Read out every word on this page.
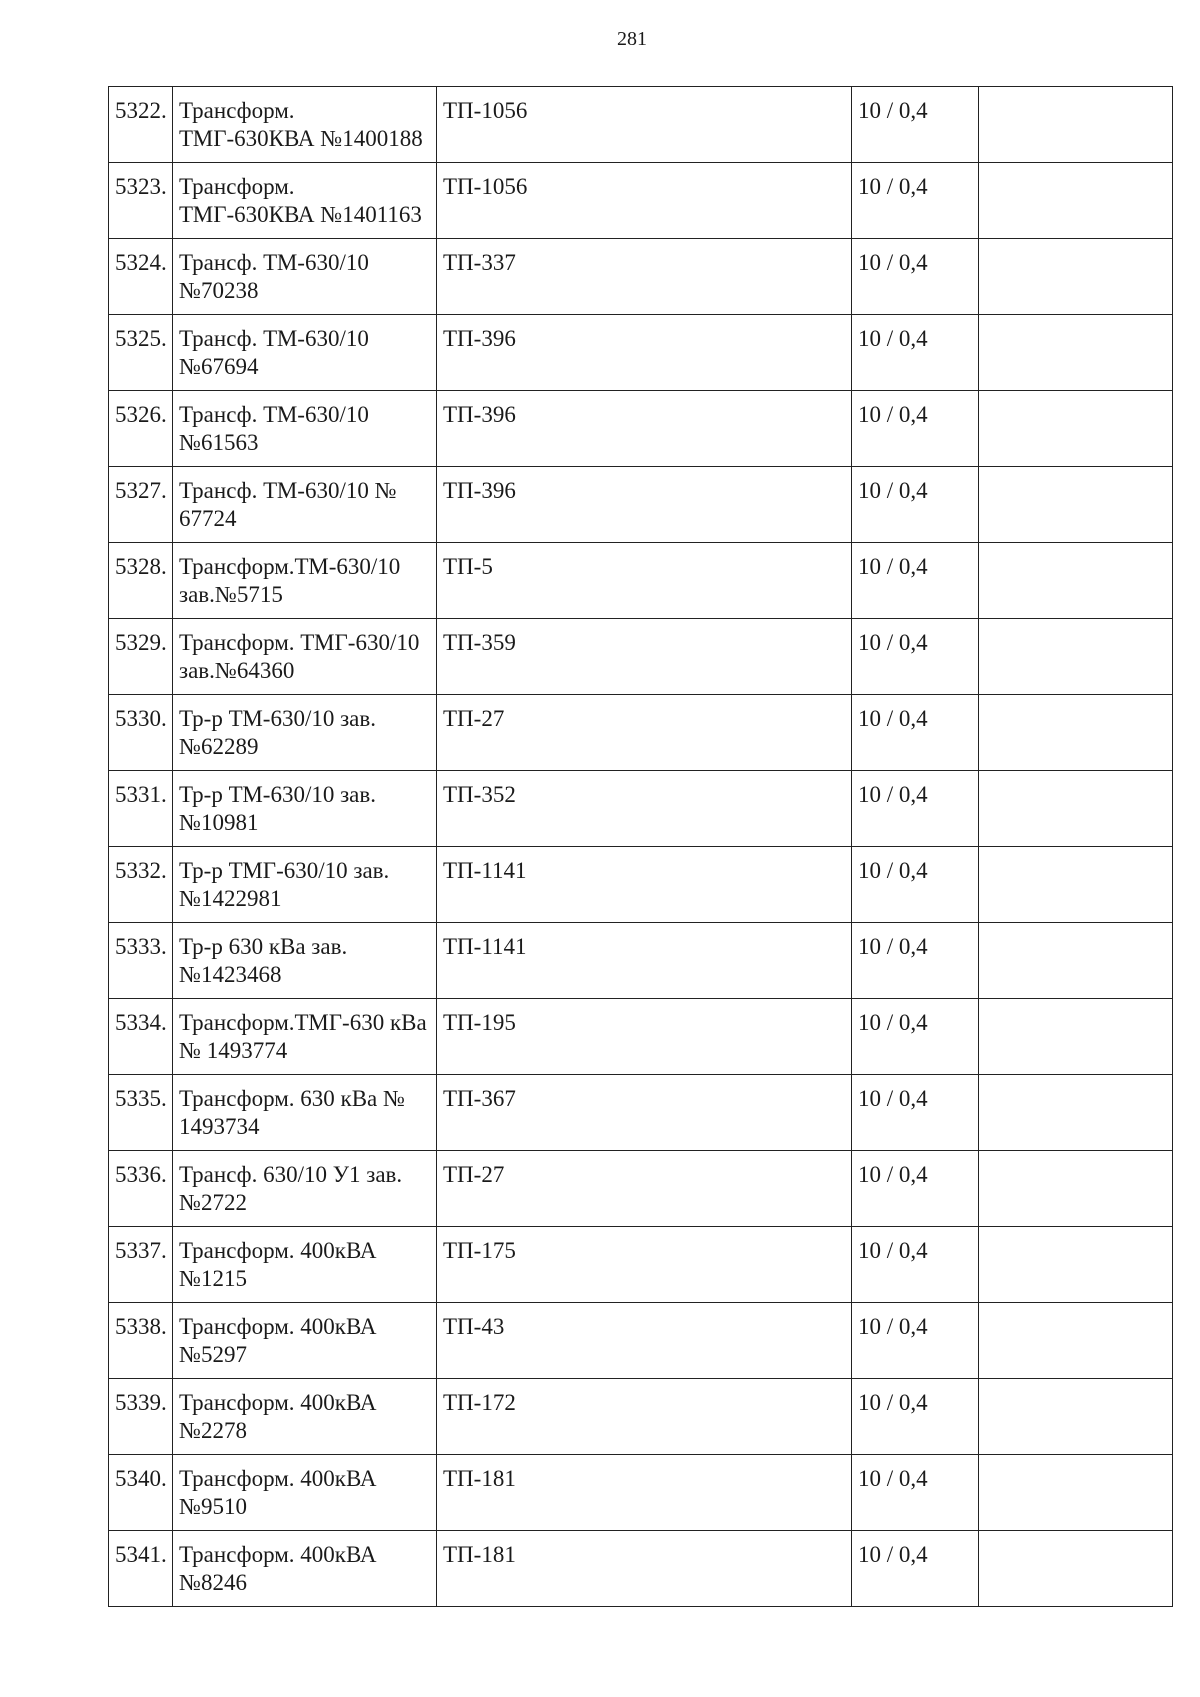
281
5322.	Трансформ. ТМГ-630КВА №1400188	ТП-1056	10 / 0,4	
5323.	Трансформ. ТМГ-630КВА №1401163	ТП-1056	10 / 0,4	
5324.	Трансф. ТМ-630/10 №70238	ТП-337	10 / 0,4	
5325.	Трансф. ТМ-630/10 №67694	ТП-396	10 / 0,4	
5326.	Трансф. ТМ-630/10 №61563	ТП-396	10 / 0,4	
5327.	Трансф. ТМ-630/10 № 67724	ТП-396	10 / 0,4	
5328.	Трансформ.ТМ-630/10 зав.№5715	ТП-5	10 / 0,4	
5329.	Трансформ. ТМГ-630/10 зав.№64360	ТП-359	10 / 0,4	
5330.	Тр-р ТМ-630/10 зав.№62289	ТП-27	10 / 0,4	
5331.	Тр-р ТМ-630/10 зав.№10981	ТП-352	10 / 0,4	
5332.	Тр-р ТМГ-630/10 зав.№1422981	ТП-1141	10 / 0,4	
5333.	Тр-р 630 кВа зав.№1423468	ТП-1141	10 / 0,4	
5334.	Трансформ.ТМГ-630 кВа № 1493774	ТП-195	10 / 0,4	
5335.	Трансформ. 630 кВа № 1493734	ТП-367	10 / 0,4	
5336.	Трансф. 630/10 У1 зав.№2722	ТП-27	10 / 0,4	
5337.	Трансформ. 400кВА №1215	ТП-175	10 / 0,4	
5338.	Трансформ. 400кВА №5297	ТП-43	10 / 0,4	
5339.	Трансформ. 400кВА №2278	ТП-172	10 / 0,4	
5340.	Трансформ. 400кВА №9510	ТП-181	10 / 0,4	
5341.	Трансформ. 400кВА №8246	ТП-181	10 / 0,4	
